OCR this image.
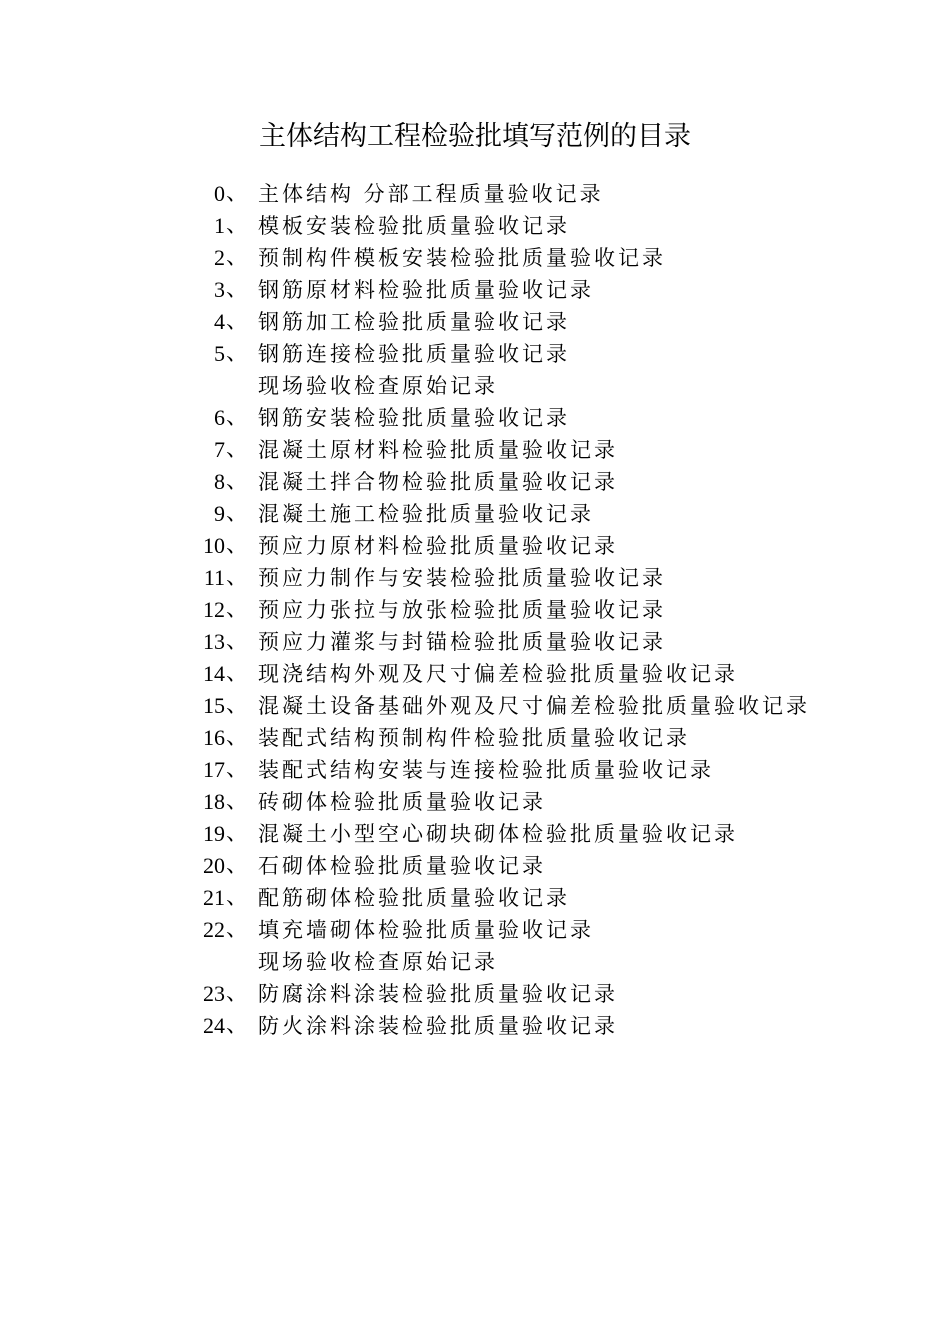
主体结构工程检验批填写范例的目录
0 、 主体结构 分部工程质量验收记录
1 、 模板安装检验批质量验收记录
2 、 预制构件模板安装检验批质量验收记录
3 、 钢筋原材料检验批质量验收记录
4 、 钢筋加工检验批质量验收记录
5 、 钢筋连接检验批质量验收记录
现场验收检查原始记录
6 、 钢筋安装检验批质量验收记录
7 、 混凝土原材料检验批质量验收记录
8 、 混凝土拌合物检验批质量验收记录
9 、 混凝土施工检验批质量验收记录
10 、 预应力原材料检验批质量验收记录
11 、 预应力制作与安装检验批质量验收记录
12 、 预应力张拉与放张检验批质量验收记录
13 、 预应力灌浆与封锚检验批质量验收记录
14 、 现浇结构外观及尺寸偏差检验批质量验收记录
15 、 混凝土设备基础外观及尺寸偏差检验批质量验收记录
16 、 装配式结构预制构件检验批质量验收记录
17 、 装配式结构安装与连接检验批质量验收记录
18 、 砖砌体检验批质量验收记录
19 、 混凝土小型空心砌块砌体检验批质量验收记录
20 、 石砌体检验批质量验收记录
21 、 配筋砌体检验批质量验收记录
22 、 填充墙砌体检验批质量验收记录
现场验收检查原始记录
23 、 防腐涂料涂装检验批质量验收记录
24 、 防火涂料涂装检验批质量验收记录
